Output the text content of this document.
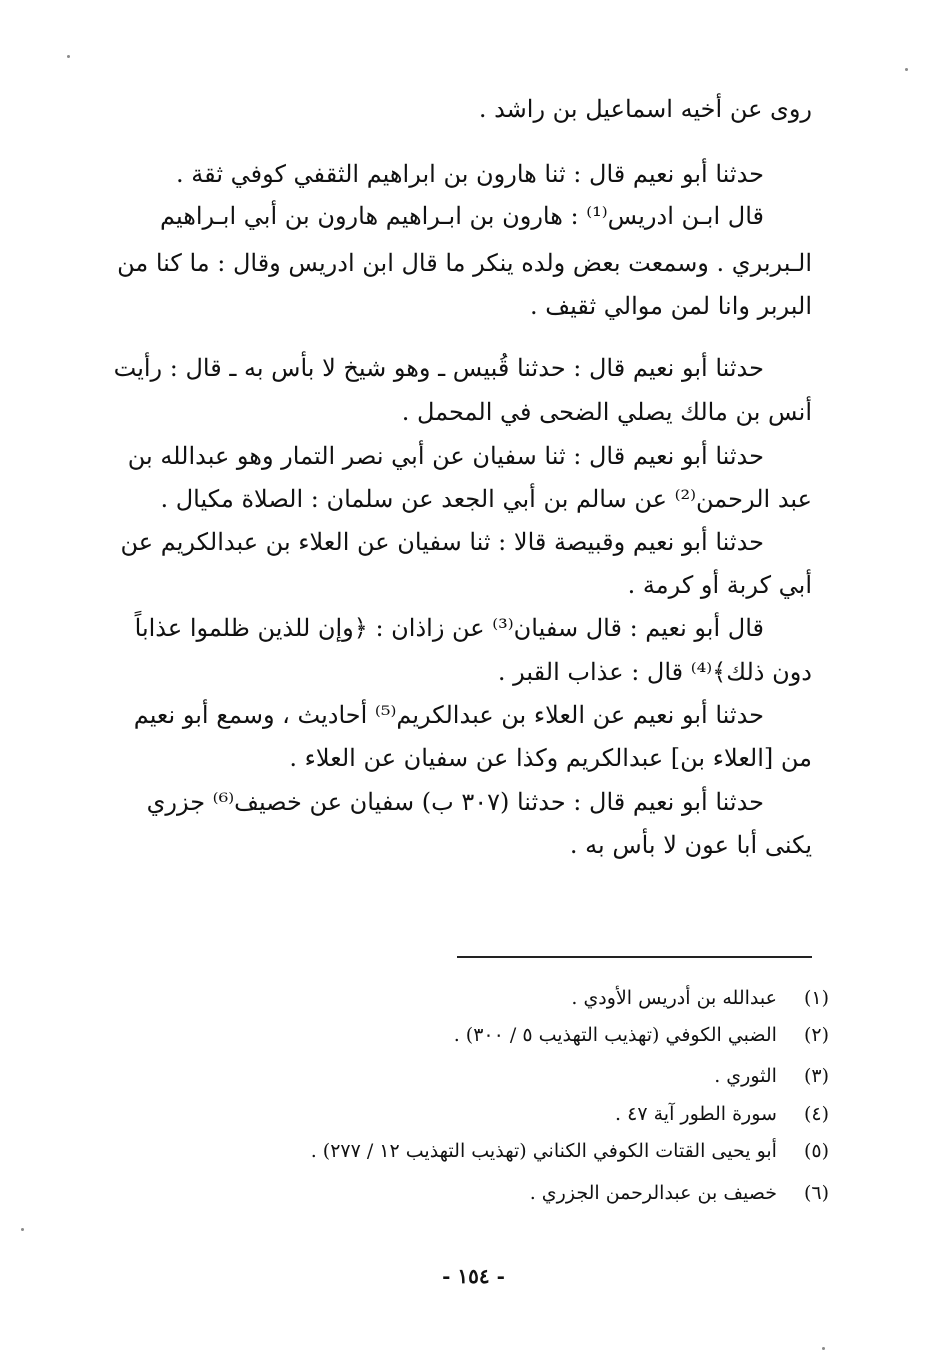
روى عن أخيه اسماعيل بن راشد .
حدثنا أبو نعيم قال : ثنا هارون بن ابراهيم الثقفي كوفي ثقة .
قال ابـن ادريس⁽¹⁾ : هارون بن ابـراهيم هارون بن أبي ابـراهيم
الـبربري . وسمعت بعض ولده ينكر ما قال ابن ادريس وقال : ما كنا من
البربر وانا لمن موالي ثقيف .
حدثنا أبو نعيم قال : حدثنا قُبيس ـ وهو شيخ لا بأس به ـ قال : رأيت
أنس بن مالك يصلي الضحى في المحمل .
حدثنا أبو نعيم قال : ثنا سفيان عن أبي نصر التمار وهو عبدالله بن
عبد الرحمن⁽²⁾ عن سالم بن أبي الجعد عن سلمان : الصلاة مكيال .
حدثنا أبو نعيم وقبيصة قالا : ثنا سفيان عن العلاء بن عبدالكريم عن
أبي كربة أو كرمة .
قال أبو نعيم : قال سفيان⁽³⁾ عن زاذان : ﴿وإن للذين ظلموا عذاباً
دون ذلك﴾⁽⁴⁾ قال : عذاب القبر .
حدثنا أبو نعيم عن العلاء بن عبدالكريم⁽⁵⁾ أحاديث ، وسمع أبو نعيم
من [العلاء بن] عبدالكريم وكذا عن سفيان عن العلاء .
حدثنا أبو نعيم قال : حدثنا (٣٠٧ ب) سفيان عن خصيف⁽⁶⁾ جزري
يكنى أبا عون لا بأس به .
(١) عبدالله بن أدريس الأودي .
(٢) الضبي الكوفي (تهذيب التهذيب ٥ / ٣٠٠) .
(٣) الثوري .
(٤) سورة الطور آية ٤٧ .
(٥) أبو يحيى القتات الكوفي الكناني (تهذيب التهذيب ١٢ / ٢٧٧) .
(٦) خصيف بن عبدالرحمن الجزري .
- ١٥٤ -
